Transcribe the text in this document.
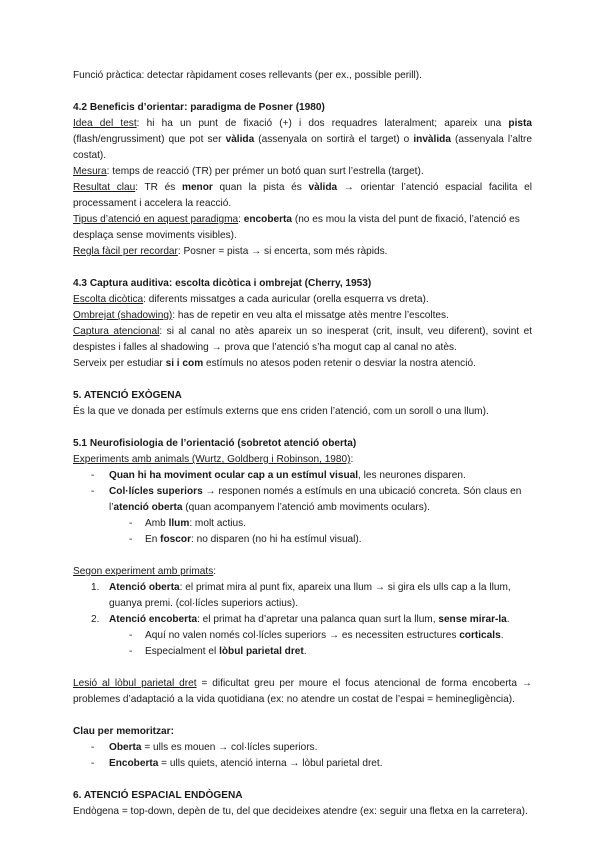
Funció pràctica: detectar ràpidament coses rellevants (per ex., possible perill).

4.2 Beneficis d’orientar: paradigma de Posner (1980)

Idea del test: hi ha un punt de fixació (+) i dos requadres lateralment; apareix una pista (flash/engrussiment) que pot ser vàlida (assenyala on sortirà el target) o invàlida (assenyala l’altre costat).

Mesura: temps de reacció (TR) per prémer un botó quan surt l’estrella (target).

Resultat clau: TR és menor quan la pista és vàlida → orientar l’atenció espacial facilita el processament i accelera la reacció.

Tipus d’atenció en aquest paradigma: encoberta (no es mou la vista del punt de fixació, l’atenció es desplaça sense moviments visibles).

Regla fàcil per recordar: Posner = pista → si encerta, som més ràpids.

4.3 Captura auditiva: escolta dicòtica i ombrejat (Cherry, 1953)

Escolta dicòtica: diferents missatges a cada auricular (orella esquerra vs dreta).

Ombrejat (shadowing): has de repetir en veu alta el missatge atès mentre l’escoltes.

Captura atencional: si al canal no atès apareix un so inesperat (crit, insult, veu diferent), sovint et despistes i falles al shadowing → prova que l’atenció s’ha mogut cap al canal no atès.

Serveix per estudiar si i com estímuls no atesos poden retenir o desviar la nostra atenció.

5. ATENCIÓ EXÒGENA

És la que ve donada per estímuls externs que ens criden l’atenció, com un soroll o una llum).

5.1 Neurofisiologia de l’orientació (sobretot atenció oberta)

Experiments amb animals (Wurtz, Goldberg i Robinson, 1980):

- Quan hi ha moviment ocular cap a un estímul visual, les neurones disparen.

- Col·lícles superiors → responen només a estímuls en una ubicació concreta. Són claus en l’atenció oberta (quan acompanyem l’atenció amb moviments oculars).

- Amb llum: molt actius.

- En foscor: no disparen (no hi ha estímul visual).

Segon experiment amb primats:

1. Atenció oberta: el primat mira al punt fix, apareix una llum → si gira els ulls cap a la llum, guanya premi. (col·lícles superiors actius).

2. Atenció encoberta: el primat ha d’apretar una palanca quan surt la llum, sense mirar-la.

- Aquí no valen només col·lícles superiors → es necessiten estructures corticals.

- Especialment el lòbul parietal dret.

Lesió al lòbul parietal dret = dificultat greu per moure el focus atencional de forma encoberta → problemes d’adaptació a la vida quotidiana (ex: no atendre un costat de l’espai = heminegligència).

Clau per memoritzar:

- Oberta = ulls es mouen → col·lícles superiors.

- Encoberta = ulls quiets, atenció interna → lòbul parietal dret.

6. ATENCIÓ ESPACIAL ENDÒGENA

Endògena = top-down, depèn de tu, del que decideixes atendre (ex: seguir una fletxa en la carretera).
